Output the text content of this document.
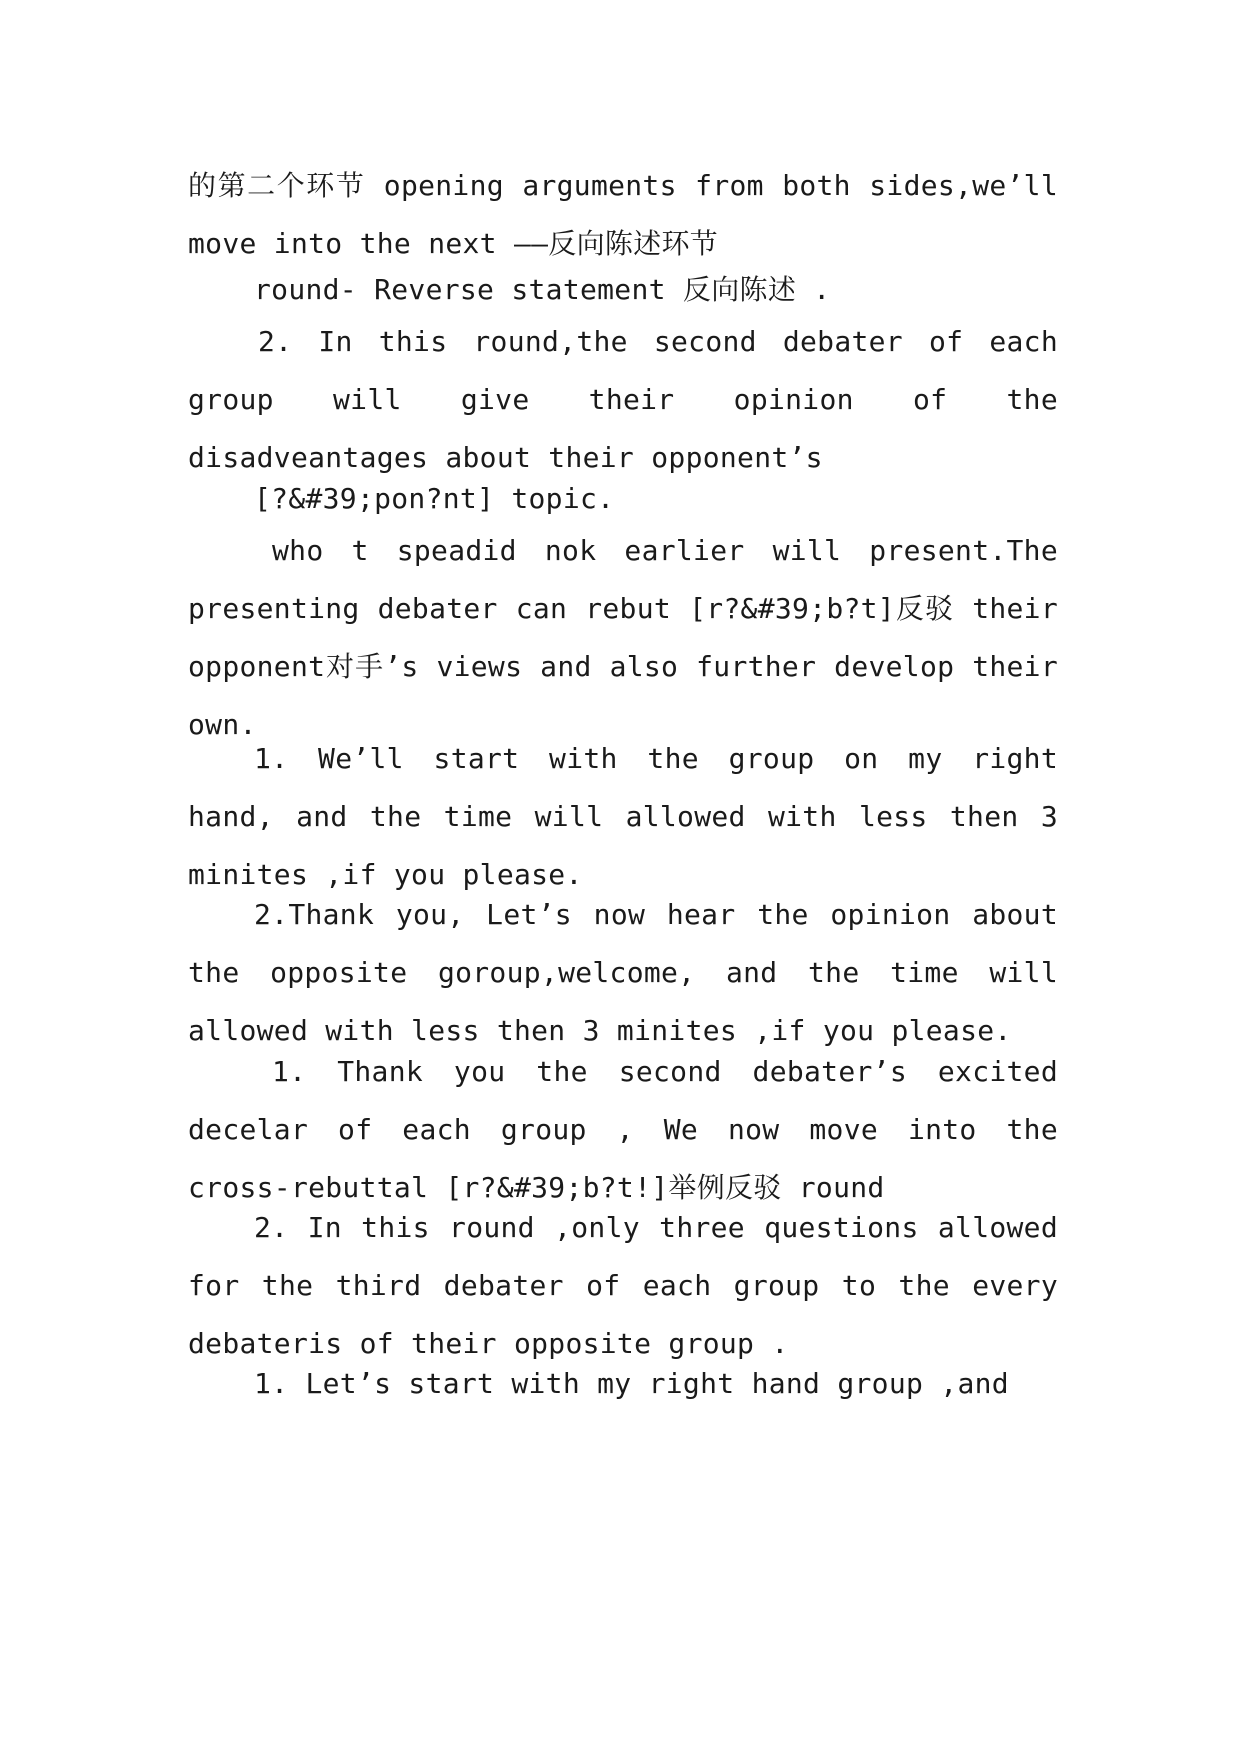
的第二个环节 opening arguments from both sides,we’ll move into the next ——反向陈述环节

round- Reverse statement 反向陈述 .

2. In this round,the second debater of each group will give their opinion of the disadveantages about their opponent’s

[?&#39;pon?nt] topic.

who t speadid nok earlier will present.The presenting debater can rebut [r?&#39;b?t]反驳 their opponent对手’s views and also further develop their own.

1. We’ll start with the group on my right hand, and the time will allowed with less then 3 minites ,if you please.

2.Thank you, Let’s now hear the opinion about the opposite goroup,welcome, and the time will allowed with less then 3 minites ,if you please.

1. Thank you the second debater’s excited decelar of each group , We now move into the cross-rebuttal [r?&#39;b?t!]举例反驳 round

2. In this round ,only three questions allowed for the third debater of each group to the every debateris of their opposite group .

1. Let’s start with my right hand group ,and
